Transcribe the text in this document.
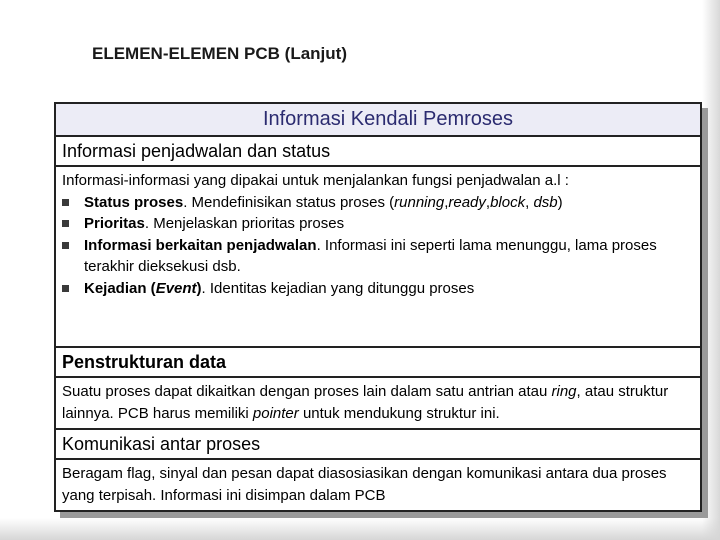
ELEMEN-ELEMEN PCB (Lanjut)
Informasi Kendali Pemroses
Informasi penjadwalan dan status
Informasi-informasi yang dipakai untuk menjalankan fungsi penjadwalan a.l :
Status proses. Mendefinisikan status proses (running,ready,block, dsb)
Prioritas. Menjelaskan prioritas proses
Informasi berkaitan penjadwalan. Informasi ini seperti lama menunggu, lama proses terakhir dieksekusi dsb.
Kejadian (Event). Identitas kejadian yang ditunggu proses
Penstrukturan data
Suatu proses dapat dikaitkan dengan proses lain dalam satu antrian atau ring, atau struktur lainnya. PCB harus memiliki pointer untuk mendukung struktur ini.
Komunikasi antar proses
Beragam flag, sinyal dan pesan dapat diasosiasikan dengan komunikasi antara dua proses yang terpisah. Informasi ini disimpan dalam PCB
